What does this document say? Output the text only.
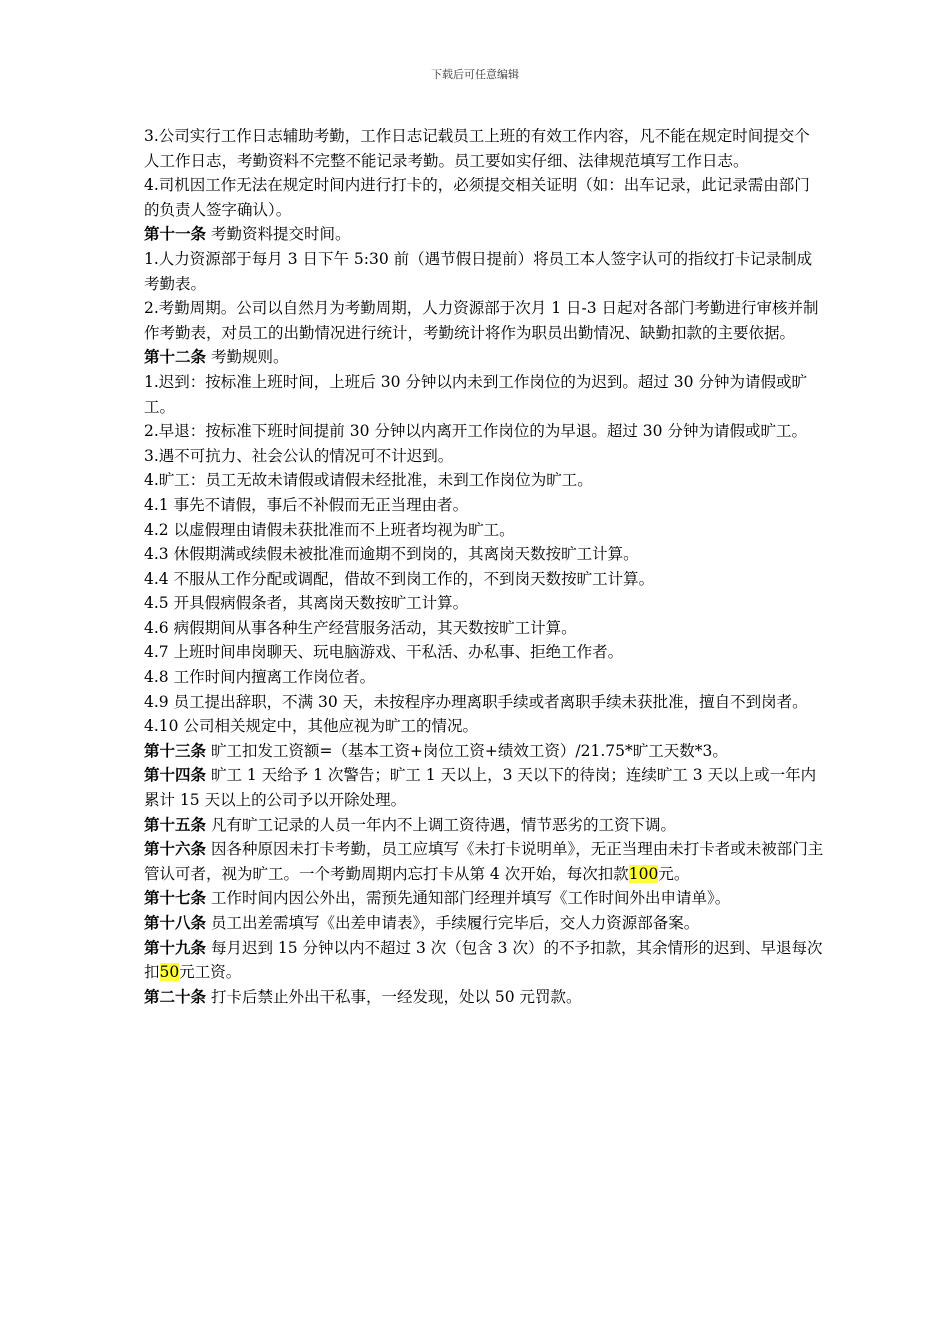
下载后可任意编辑

3.公司实行工作日志辅助考勤，工作日志记载员工上班的有效工作内容，凡不能在规定时间提交个人工作日志，考勤资料不完整不能记录考勤。员工要如实仔细、法律规范填写工作日志。

4.司机因工作无法在规定时间内进行打卡的，必须提交相关证明（如：出车记录，此记录需由部门的负责人签字确认）。

第十一条 考勤资料提交时间。

1.人力资源部于每月 3 日下午 5:30 前（遇节假日提前）将员工本人签字认可的指纹打卡记录制成考勤表。

2.考勤周期。公司以自然月为考勤周期，人力资源部于次月 1 日-3 日起对各部门考勤进行审核并制作考勤表，对员工的出勤情况进行统计，考勤统计将作为职员出勤情况、缺勤扣款的主要依据。

第十二条 考勤规则。

1.迟到：按标准上班时间，上班后 30 分钟以内未到工作岗位的为迟到。超过 30 分钟为请假或旷工。

2.早退：按标准下班时间提前 30 分钟以内离开工作岗位的为早退。超过 30 分钟为请假或旷工。

3.遇不可抗力、社会公认的情况可不计迟到。

4.旷工：员工无故未请假或请假未经批准，未到工作岗位为旷工。

4.1 事先不请假，事后不补假而无正当理由者。

4.2 以虚假理由请假未获批准而不上班者均视为旷工。

4.3 休假期满或续假未被批准而逾期不到岗的，其离岗天数按旷工计算。

4.4 不服从工作分配或调配，借故不到岗工作的，不到岗天数按旷工计算。

4.5 开具假病假条者，其离岗天数按旷工计算。

4.6 病假期间从事各种生产经营服务活动，其天数按旷工计算。

4.7 上班时间串岗聊天、玩电脑游戏、干私活、办私事、拒绝工作者。

4.8 工作时间内擅离工作岗位者。

4.9 员工提出辞职，不满 30 天，未按程序办理离职手续或者离职手续未获批准，擅自不到岗者。

4.10 公司相关规定中，其他应视为旷工的情况。

第十三条 旷工扣发工资额=（基本工资+岗位工资+绩效工资）/21.75*旷工天数*3。

第十四条 旷工 1 天给予 1 次警告；旷工 1 天以上，3 天以下的待岗；连续旷工 3 天以上或一年内累计 15 天以上的公司予以开除处理。

第十五条 凡有旷工记录的人员一年内不上调工资待遇，情节恶劣的工资下调。

第十六条 因各种原因未打卡考勤，员工应填写《未打卡说明单》，无正当理由未打卡者或未被部门主管认可者，视为旷工。一个考勤周期内忘打卡从第 4 次开始，每次扣款100元。

第十七条 工作时间内因公外出，需预先通知部门经理并填写《工作时间外出申请单》。

第十八条 员工出差需填写《出差申请表》，手续履行完毕后，交人力资源部备案。

第十九条 每月迟到 15 分钟以内不超过 3 次（包含 3 次）的不予扣款，其余情形的迟到、早退每次扣50元工资。

第二十条 打卡后禁止外出干私事，一经发现，处以 50 元罚款。
